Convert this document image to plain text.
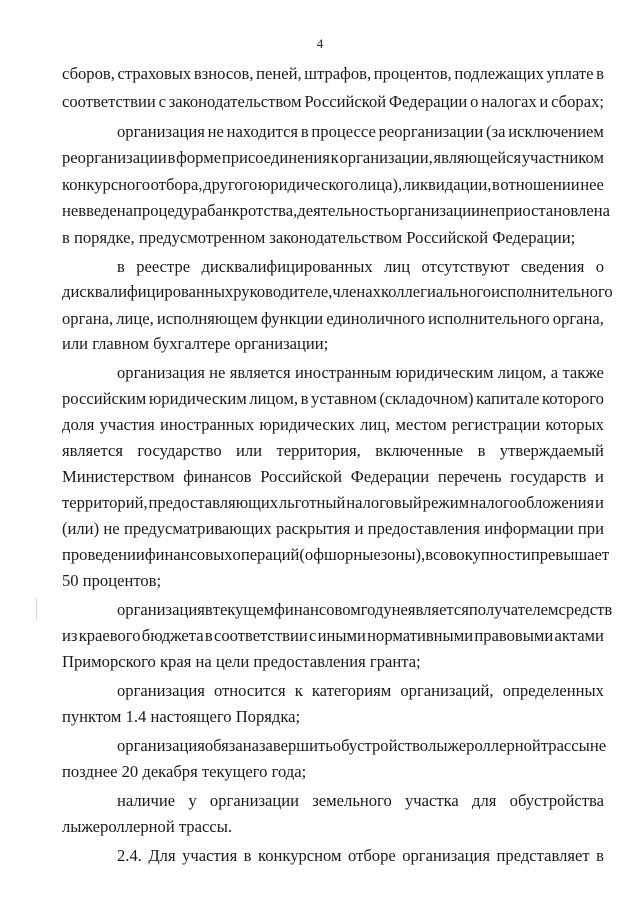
4
сборов, страховых взносов, пеней, штрафов, процентов, подлежащих уплате в
соответствии с законодательством Российской Федерации о налогах и сборах;
организация не находится в процессе реорганизации (за исключением
реорганизации в форме присоединения к организации, являющейся участником
конкурсного отбора, другого юридического лица), ликвидации, в отношении нее
не введена процедура банкротства, деятельность организации не приостановлена
в порядке, предусмотренном законодательством Российской Федерации;
в реестре дисквалифицированных лиц отсутствуют сведения о
дисквалифицированных руководителе, членах коллегиального исполнительного
органа, лице, исполняющем функции единоличного исполнительного органа,
или главном бухгалтере организации;
организация не является иностранным юридическим лицом, а также
российским юридическим лицом, в уставном (складочном) капитале которого
доля участия иностранных юридических лиц, местом регистрации которых
является государство или территория, включенные в утверждаемый
Министерством финансов Российской Федерации перечень государств и
территорий, предоставляющих льготный налоговый режим налогообложения и
(или) не предусматривающих раскрытия и предоставления информации при
проведении финансовых операций (офшорные зоны), в совокупности превышает
50 процентов;
организация в текущем финансовом году не является получателем средств
из краевого бюджета в соответствии с иными нормативными правовыми актами
Приморского края на цели предоставления гранта;
организация относится к категориям организаций, определенных
пунктом 1.4 настоящего Порядка;
организация обязана завершить обустройство лыжероллерной трассы не
позднее 20 декабря текущего года;
наличие у организации земельного участка для обустройства
лыжероллерной трассы.
2.4. Для участия в конкурсном отборе организация представляет в
